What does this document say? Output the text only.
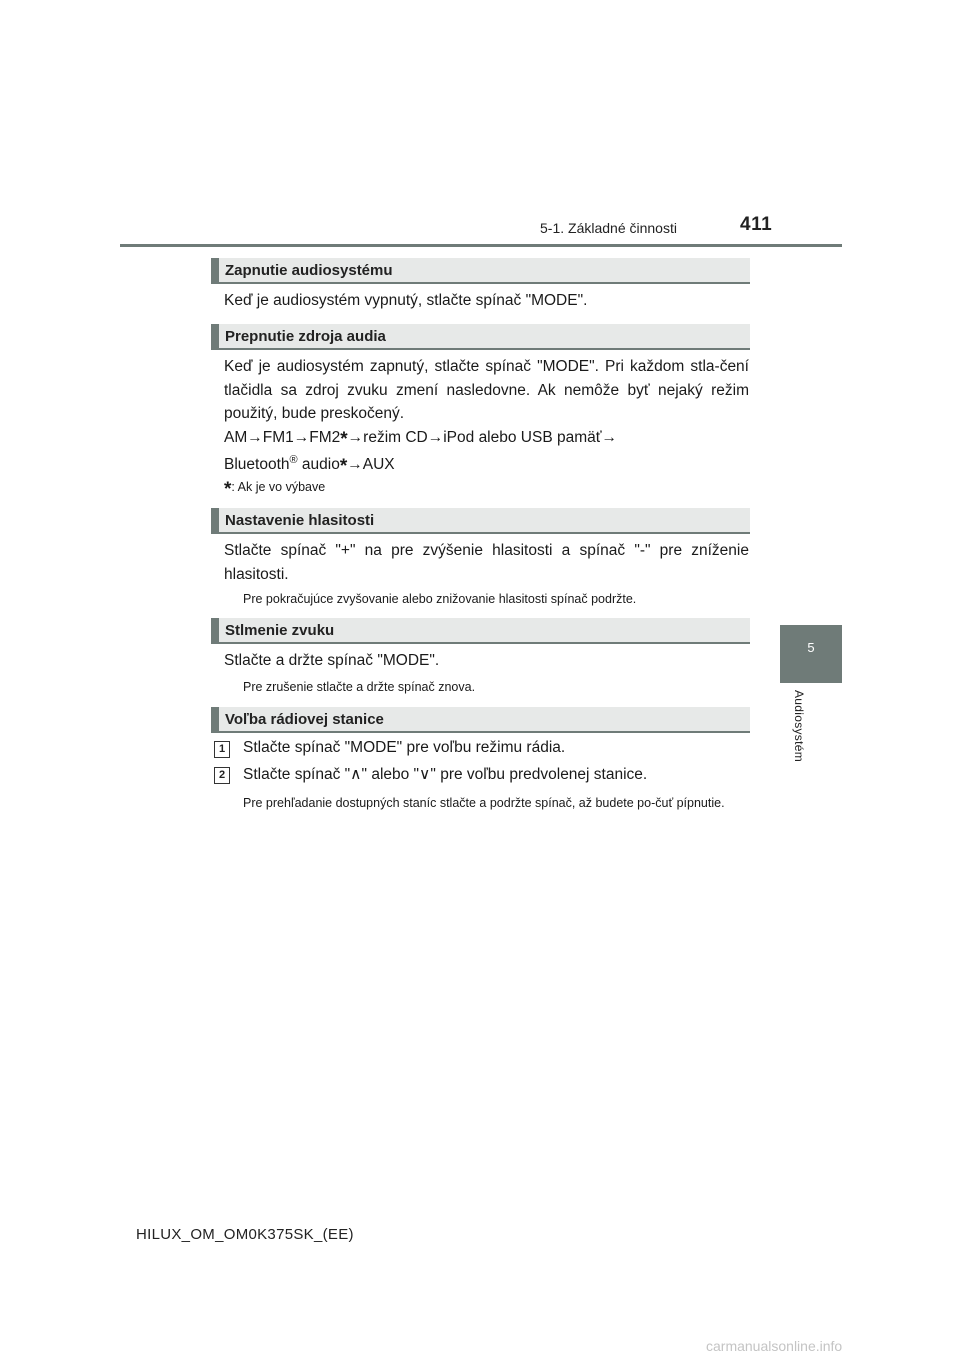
5-1. Základné činnosti	411
5
Audiosystém
Zapnutie audiosystému
Keď je audiosystém vypnutý, stlačte spínač "MODE".
Prepnutie zdroja audia
Keď je audiosystém zapnutý, stlačte spínač "MODE". Pri každom stla-čení tlačidla sa zdroj zvuku zmení nasledovne. Ak nemôže byť nejaký režim použitý, bude preskočený.
AM→FM1→FM2*→režim CD→iPod alebo USB pamäť→
Bluetooth® audio*→AUX
*: Ak je vo výbave
Nastavenie hlasitosti
Stlačte spínač "+" na pre zvýšenie hlasitosti a spínač "-" pre zníženie hlasitosti.
Pre pokračujúce zvyšovanie alebo znižovanie hlasitosti spínač podržte.
Stlmenie zvuku
Stlačte a držte spínač "MODE".
Pre zrušenie stlačte a držte spínač znova.
Voľba rádiovej stanice
1	Stlačte spínač "MODE" pre voľbu režimu rádia.
2	Stlačte spínač "∧" alebo "∨" pre voľbu predvolenej stanice.
Pre prehľadanie dostupných staníc stlačte a podržte spínač, až budete po-čuť pípnutie.
HILUX_OM_OM0K375SK_(EE)
carmanualsonline.info
